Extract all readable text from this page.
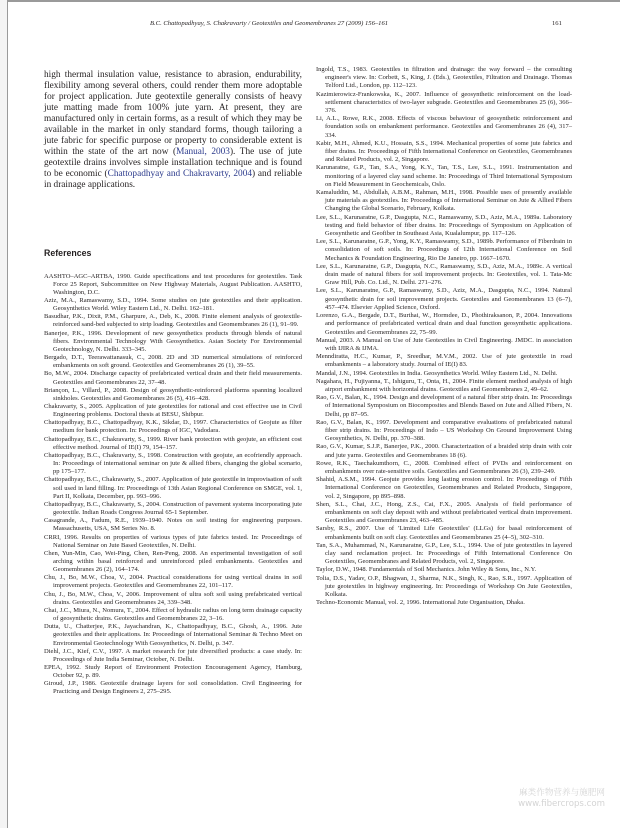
B.C. Chattopadhyay, S. Chakravarty / Geotextiles and Geomembranes 27 (2009) 156–161	161

high thermal insulation value, resistance to abrasion, endurability, flexibility among several others, could render them more adoptable for project application. Jute geotextile generally consists of heavy jute matting made from 100% jute yarn. At present, they are manufactured only in certain forms, as a result of which they may be available in the market in only standard forms, though tailoring a jute fabric for specific purpose or property to considerable extent is within the state of the art now (Manual, 2003). The use of jute geotextile drains involves simple installation technique and is found to be economic (Chattopadhyay and Chakravarty, 2004) and reliable in drainage applications.

References
AASHTO–AGC–ARTBA, 1990. Guide specifications and test procedures for geotextiles. Task Force 25 Report, Subcommittee on New Highway Materials, August Publication. AASHTO, Washington, D.C.
Aziz, M.A., Ramaswamy, S.D., 1994. Some studies on jute geotextiles and their application. Geosynthetics World. Wiley Eastern Ltd., N. Delhi. 162–181.
Basudhar, P.K., Dixit, P.M., Gharpure, A., Deb, K., 2008. Finite element analysis of geotextile-reinforced sand-bed subjected to strip loading. Geotextiles and Geomembranes 26 (1), 91–99.
Banerjee, P.K., 1996. Development of new geosynthetics products through blends of natural fibers. Environmental Technology With Geosynthetics. Asian Society For Environmental Geotechnology, N. Delhi. 333–345.
Bergado, D.T., Teerawattanasuk, C., 2008. 2D and 3D numerical simulations of reinforced embankments on soft ground. Geotextiles and Geomembranes 26 (1), 39–55.
Bo, M.W., 2004. Discharge capacity of prefabricated vertical drain and their field measurements. Geotextiles and Geomembranes 22, 37–48.
Briançon, L., Villard, P., 2008. Design of geosynthetic-reinforced platforms spanning localized sinkholes. Geotextiles and Geomembranes 26 (5), 416–428.
Chakravarty, S., 2005. Application of jute geotextiles for rational and cost effective use in Civil Engineering problems. Doctoral thesis at BESU, Shibpur.
Chattopadhyay, B.C., Chattopadhyay, K.K., Sikdar, D., 1997. Characteristics of Geojute as filter medium for bank protection. In: Proceedings of IGC, Vadodara.
Chattopadhyay, B.C., Chakravarty, S., 1999. River bank protection with geojute, an efficient cost effective method. Journal of IE(I) 79, 154–157.
Chattopadhyay, B.C., Chakravarty, S., 1998. Construction with geojute, an ecofriendly approach. In: Proceedings of international seminar on jute & allied fibers, changing the global scenario, pp 175–177.
Chattopadhyay, B.C., Chakravarty, S., 2007. Application of jute geotextile in improvisation of soft soil used in land filling. In: Proceedings of 13th Asian Regional Conference on SMGE, vol. 1, Part II, Kolkata, December, pp. 993–996.
Chattopadhyay, B.C., Chakravarty, S., 2004. Construction of pavement systems incorporating jute geotextile. Indian Roads Congress Journal 65-1 September.
Casagrande, A., Fadum, R.E., 1939–1940. Notes on soil testing for engineering purposes. Massachusetts, USA, SM Series No. 8.
CRRI, 1996. Results on properties of various types of jute fabrics tested. In: Proceedings of National Seminar on Jute Based Geotextiles, N. Delhi.
Chen, Yun-Min, Cao, Wei-Ping, Chen, Ren-Peng, 2008. An experimental investigation of soil arching within basal reinforced and unreinforced piled embankments. Geotextiles and Geomembranes 26 (2), 164–174.
Chu, J., Bo, M.W., Choa, V., 2004. Practical considerations for using vertical drains in soil improvement projects. Geotextiles and Geomembranes 22, 101–117.
Chu, J., Bo, M.W., Choa, V., 2006. Improvement of ultra soft soil using prefabricated vertical drains. Geotextiles and Geomembranes 24, 339–348.
Chai, J.C., Miura, N., Nomura, T., 2004. Effect of hydraulic radius on long term drainage capacity of geosynthetic drains. Geotextiles and Geomembranes 22, 3–16.
Dutta, U., Chatterjee, P.K., Jayachandran, K., Chattopadhyay, B.C., Ghosh, A., 1996. Jute geotextiles and their applications. In: Proceedings of International Seminar & Techno Meet on Environmental Geotechnology With Geosynthetics, N. Delhi, p. 347.
Diehl, J.C., Kief, C.V., 1997. A market research for jute diversified products: a case study. In: Proceedings of Jute India Seminar, October, N. Delhi.
EPEA, 1992. Study Report of Environment Protection Encouragement Agency, Hamburg, October 92, p. 89.
Giroud, J.P., 1986. Geotextile drainage layers for soil consolidation. Civil Engineering for Practicing and Design Engineers 2, 275–295.
Ingold, T.S., 1983. Geotextiles in filtration and drainage: the way forward – the consulting engineer's view. In: Corbett, S., King, J. (Eds.), Geotextiles, Filtration and Drainage. Thomas Telford Ltd., London, pp. 112–123.
Kazimierowicz-Frankowska, K., 2007. Influence of geosynthetic reinforcement on the load-settlement characteristics of two-layer subgrade. Geotextiles and Geomembranes 25 (6), 366–376.
Li, A.L., Rowe, R.K., 2008. Effects of viscous behaviour of geosynthetic reinforcement and foundation soils on embankment performance. Geotextiles and Geomembranes 26 (4), 317–334.
Kabir, M.H., Ahmed, K.U., Hossain, S.S., 1994. Mechanical properties of some jute fabrics and fiber drains. In: Proceedings of Fifth International Conference on Geotextiles, Geomembranes and Related Products, vol. 2, Singapore.
Karunaratne, G.P., Tan, S.A., Yong, K.Y., Tan, T.S., Lee, S.L., 1991. Instrumentation and monitoring of a layered clay sand scheme. In: Proceedings of Third International Symposium on Field Measurement in Geochemicals, Oslo.
Kamaluddin, M., Abdullah, A.B.M., Rahman, M.H., 1998. Possible uses of presently available jute materials as geotextiles. In: Proceedings of International Seminar on Jute & Allied Fibers Changing the Global Scenario, February, Kolkata.
Lee, S.L., Karunaratne, G.P., Dasgupta, N.C., Ramaswamy, S.D., Aziz, M.A., 1989a. Laboratory testing and field behavior of fiber drains. In: Proceedings of Symposium on Application of Geosynthetic and Geofiber in Southeast Asia, Kualalumpur, pp. 117–126.
Lee, S.L., Karunaratne, G.P., Yong, K.Y., Ramaswamy, S.D., 1989b. Performance of Fiberdrain in consolidation of soft soils. In: Proceedings of 12th International Conference on Soil Mechanics & Foundation Engineering, Rio De Janeiro, pp. 1667–1670.
Lee, S.L., Karunaratne, G.P., Dasgupta, N.C., Ramaswamy, S.D., Aziz, M.A., 1989c. A vertical drain made of natural fibers for soil improvement projects. In: Geotextiles, vol. 1. Tata-Mc Graw Hill, Pub. Co. Ltd., N. Delhi. 271–276.
Lee, S.L., Karunaratne, G.P., Ramaswamy, S.D., Aziz, M.A., Dasgupta, N.C., 1994. Natural geosynthetic drain for soil improvement projects. Geotexiles and Geomembranes 13 (6–7), 457–474. Elsevier Applied Science, Oxford.
Lorenzo, G.A., Bergade, D.T., Burthai, W., Hormdee, D., Phothiraksanon, P., 2004. Innovations and performance of prefabricated vertical drain and dual function geosynthetic applications. Geotextiles and Geomembranes 22, 75–99.
Manual, 2003. A Manual on Use of Jute Geotextiles in Civil Engineering. JMDC. in association with IJIRA & IJMA.
Menndiratta, H.C., Kumar, P., Sreedhar, M.V.M., 2002. Use of jute geotextile in road embankments – a laboratory study. Journal of IE(I) 83.
Mandal, J.N., 1994. Geotextiles in India. Geosynthetics World. Wiley Eastern Ltd., N. Delhi.
Nagahara, H., Fujiyanna, T., Ishiguru, T., Onta, H., 2004. Finite element method analysis of high airport embankment with horizontal drains. Geotextiles and Geomembranes 2, 49–62.
Rao, G.V., Balan, K., 1994. Design and development of a natural fiber strip drain. In: Proceedings of International Symposium on Biocomposites and Blends Based on Jute and Allied Fibers, N. Delhi, pp 87–95.
Rao, G.V., Balan, K., 1997. Development and comparative evaluations of prefabricated natural fiber strip drains. In: Proceedings of Indo – US Workshop On Ground Improvement Using Geosynthetics, N. Delhi, pp. 370–388.
Rao, G.V., Kumar, S.J.P., Banerjee, P.K., 2000. Characterization of a braided strip drain with coir and jute yarns. Geotextiles and Geomembranes 18 (6).
Rowe, R.K., Taechakumthorn, C., 2008. Combined effect of PVDs and reinforcement on embankments over rate-sensitive soils. Geotextiles and Geomembranes 26 (3), 239–249.
Shahid, A.S.M., 1994. Geojute provides long lasting erosion control. In: Proceedings of Fifth International Conference on Geotextiles, Geomembranes and Related Products, Singapore, vol. 2, Singapore, pp 895–898.
Shen, S.L., Chai, J.C., Hong, Z.S., Cai, F.X., 2005. Analysis of field performance of embankments on soft clay deposit with and without prefabricated vertical drain improvement. Geotextiles and Geomembranes 23, 463–485.
Sarsby, R.S., 2007. Use of 'Limited Life Geotextiles' (LLGs) for basal reinforcement of embankments built on soft clay. Geotextiles and Geomembranes 25 (4–5), 302–310.
Tan, S.A., Muhammad, N., Karunaratne, G.P., Lee, S.L., 1994. Use of jute geotextiles in layered clay sand reclamation project. In: Proceedings of Fifth International Conference On Geotextiles, Geomembranes and Related Products, vol. 2, Singapore.
Taylor, D.W., 1948. Fundamentals of Soil Mechanics. John Wiley & Sons, Inc., N.Y.
Tolia, D.S., Yadav, O.P., Bhagwan, J., Sharma, N.K., Singh, K., Rao, S.R., 1997. Application of jute geotextiles in highway engineering. In: Proceedings of Workshop On Jute Geotextiles, Kolkata.
Techno-Economic Manual, vol. 2, 1996. International Jute Organisation, Dhaka.
麻类作物营养与施肥网
www.fibercrops.com
